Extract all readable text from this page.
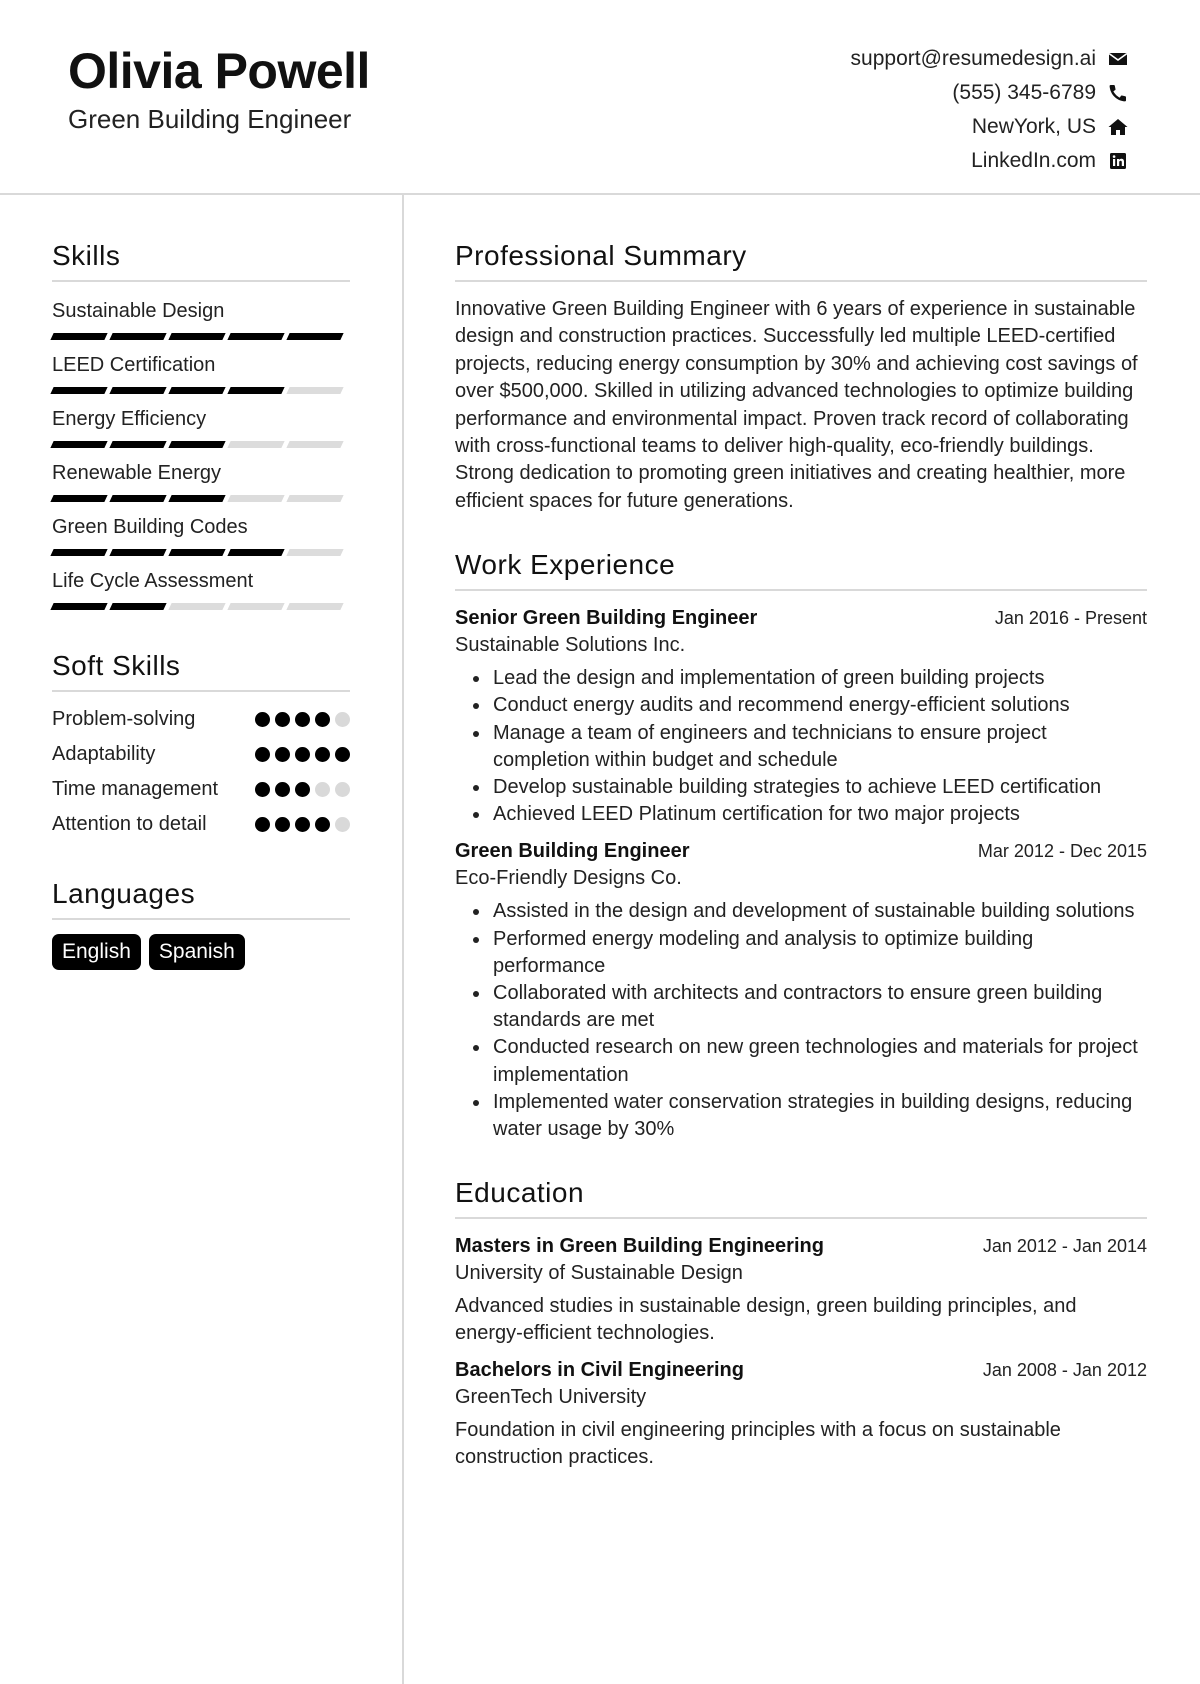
Olivia Powell
Green Building Engineer
support@resumedesign.ai
(555) 345-6789
NewYork, US
LinkedIn.com
Skills
Sustainable Design
LEED Certification
Energy Efficiency
Renewable Energy
Green Building Codes
Life Cycle Assessment
Soft Skills
Problem-solving
Adaptability
Time management
Attention to detail
Languages
English	Spanish
Professional Summary

Innovative Green Building Engineer with 6 years of experience in sustainable design and construction practices. Successfully led multiple LEED-certified projects, reducing energy consumption by 30% and achieving cost savings of over $500,000. Skilled in utilizing advanced technologies to optimize building performance and environmental impact. Proven track record of collaborating with cross-functional teams to deliver high-quality, eco-friendly buildings. Strong dedication to promoting green initiatives and creating healthier, more efficient spaces for future generations.

Work Experience
Senior Green Building Engineer	Jan 2016 - Present
Sustainable Solutions Inc.
Lead the design and implementation of green building projects
Conduct energy audits and recommend energy-efficient solutions
Manage a team of engineers and technicians to ensure project completion within budget and schedule
Develop sustainable building strategies to achieve LEED certification
Achieved LEED Platinum certification for two major projects
Green Building Engineer	Mar 2012 - Dec 2015
Eco-Friendly Designs Co.
Assisted in the design and development of sustainable building solutions
Performed energy modeling and analysis to optimize building performance
Collaborated with architects and contractors to ensure green building standards are met
Conducted research on new green technologies and materials for project implementation
Implemented water conservation strategies in building designs, reducing water usage by 30%
Education
Masters in Green Building Engineering	Jan 2012 - Jan 2014
University of Sustainable Design

Advanced studies in sustainable design, green building principles, and energy-efficient technologies.

Bachelors in Civil Engineering	Jan 2008 - Jan 2012
GreenTech University

Foundation in civil engineering principles with a focus on sustainable construction practices.
